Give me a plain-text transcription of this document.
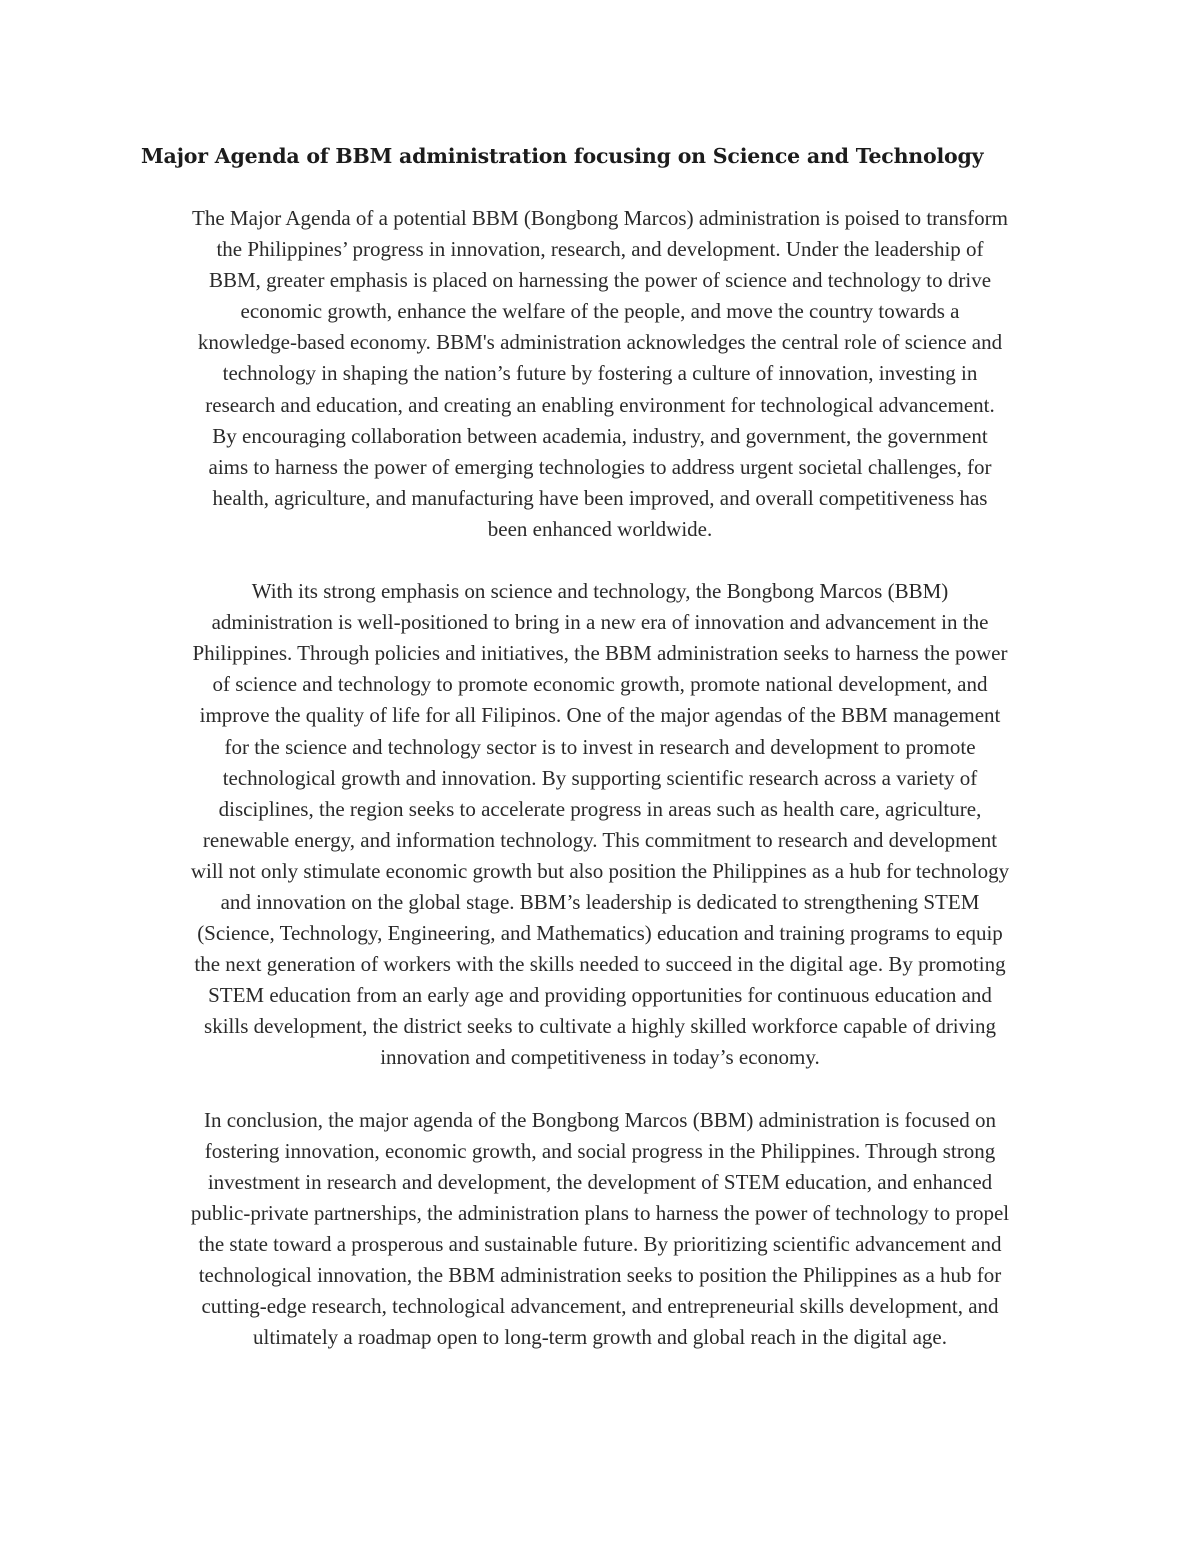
Major Agenda of BBM administration focusing on Science and Technology

The Major Agenda of a potential BBM (Bongbong Marcos) administration is poised to transform
the Philippines’ progress in innovation, research, and development. Under the leadership of
BBM, greater emphasis is placed on harnessing the power of science and technology to drive
economic growth, enhance the welfare of the people, and move the country towards a
knowledge-based economy. BBM's administration acknowledges the central role of science and
technology in shaping the nation’s future by fostering a culture of innovation, investing in
research and education, and creating an enabling environment for technological advancement.
By encouraging collaboration between academia, industry, and government, the government
aims to harness the power of emerging technologies to address urgent societal challenges, for
health, agriculture, and manufacturing have been improved, and overall competitiveness has
been enhanced worldwide.

With its strong emphasis on science and technology, the Bongbong Marcos (BBM)
administration is well-positioned to bring in a new era of innovation and advancement in the
Philippines. Through policies and initiatives, the BBM administration seeks to harness the power
of science and technology to promote economic growth, promote national development, and
improve the quality of life for all Filipinos. One of the major agendas of the BBM management
for the science and technology sector is to invest in research and development to promote
technological growth and innovation. By supporting scientific research across a variety of
disciplines, the region seeks to accelerate progress in areas such as health care, agriculture,
renewable energy, and information technology. This commitment to research and development
will not only stimulate economic growth but also position the Philippines as a hub for technology
and innovation on the global stage. BBM’s leadership is dedicated to strengthening STEM
(Science, Technology, Engineering, and Mathematics) education and training programs to equip
the next generation of workers with the skills needed to succeed in the digital age. By promoting
STEM education from an early age and providing opportunities for continuous education and
skills development, the district seeks to cultivate a highly skilled workforce capable of driving
innovation and competitiveness in today’s economy.

In conclusion, the major agenda of the Bongbong Marcos (BBM) administration is focused on
fostering innovation, economic growth, and social progress in the Philippines. Through strong
investment in research and development, the development of STEM education, and enhanced
public-private partnerships, the administration plans to harness the power of technology to propel
the state toward a prosperous and sustainable future. By prioritizing scientific advancement and
technological innovation, the BBM administration seeks to position the Philippines as a hub for
cutting-edge research, technological advancement, and entrepreneurial skills development, and
ultimately a roadmap open to long-term growth and global reach in the digital age.
